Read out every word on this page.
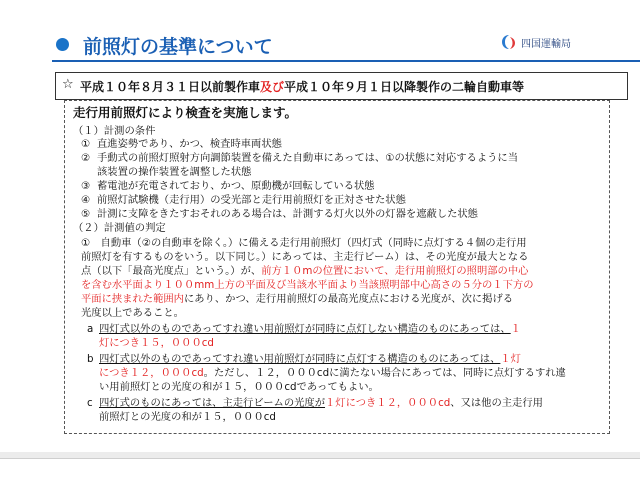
前照灯の基準について	四国運輸局
☆ 平成１０年８月３１日以前製作車及び平成１０年９月１日以降製作の二輪自動車等
走行用前照灯により検査を実施します。
（１）計測の条件
① 直進姿勢であり、かつ、検査時車両状態
② 手動式の前照灯照射方向調節装置を備えた自動車にあっては、①の状態に対応するように当
該装置の操作装置を調整した状態
③ 蓄電池が充電されており、かつ、原動機が回転している状態
④ 前照灯試験機（走行用）の受光部と走行用前照灯を正対させた状態
⑤ 計測に支障をきたすおそれのある場合は、計測する灯火以外の灯器を遮蔽した状態
（２）計測値の判定
①　自動車（②の自動車を除く。）に備える走行用前照灯（四灯式（同時に点灯する４個の走行用
前照灯を有するものをいう。以下同じ。）にあっては、主走行ビーム）は、その光度が最大となる
点（以下「最高光度点」という。）が、前方１０mの位置において、走行用前照灯の照明部の中心
を含む水平面より１００mm上方の平面及び当該水平面より当該照明部中心高さの５分の１下方の
平面に挟まれた範囲内にあり、かつ、走行用前照灯の最高光度点における光度が、次に掲げる
光度以上であること。
a 四灯式以外のものであってすれ違い用前照灯が同時に点灯しない構造のものにあっては、１
灯につき１５，０００cd
b 四灯式以外のものであってすれ違い用前照灯が同時に点灯する構造のものにあっては、１灯
につき１２，０００cd。ただし、１２，０００cdに満たない場合にあっては、同時に点灯するすれ違
い用前照灯との光度の和が１５，０００cdであってもよい。
c 四灯式のものにあっては、主走行ビームの光度が１灯につき１２，０００cd、又は他の主走行用
前照灯との光度の和が１５，０００cd
